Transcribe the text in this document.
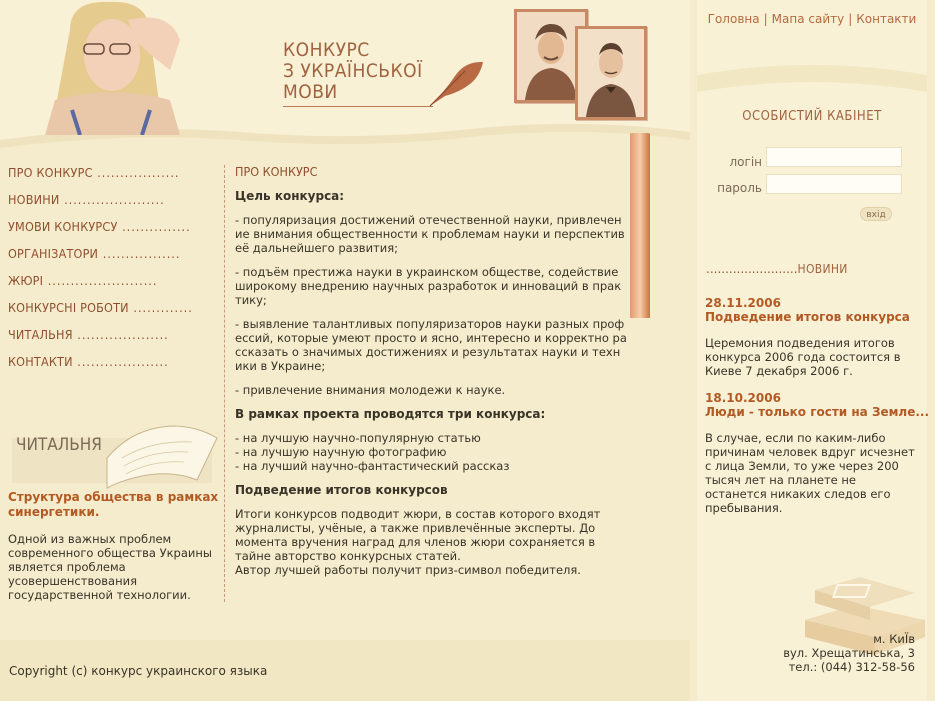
КОНКУРС
З УКРАЇНСЬКОЇ
МОВИ
Головна | Мапа сайту | Контакти
ОСОБИСТИЙ КАБІНЕТ
логін
пароль
вхід
........................НОВИНИ
28.11.2006
Подведение итогов конкурса
Церемония подведения итогов конкурса 2006 года состоится в Киеве 7 декабря 2006 г.
18.10.2006
Люди - только гости на Земле...
В случае, если по каким-либо причинам человек вдруг исчезнет с лица Земли, то уже через 200 тысяч лет на планете не останется никаких следов его пребывания.
м. КиЇв
вул. Хрещатинська, 3
тел.: (044) 312-58-56
ПРО КОНКУРС ..................
НОВИНИ ......................
УМОВИ КОНКУРСУ ...............
ОРГАНІЗАТОРИ .................
ЖЮРІ ........................
КОНКУРСНІ РОБОТИ .............
ЧИТАЛЬНЯ ....................
КОНТАКТИ ....................
ЧИТАЛЬНЯ
Структура общества в рамках синергетики.
Одной из важных проблем современного общества Украины является проблема усовершенствования государственной технологии.
ПРО КОНКУРС
Цель конкурса:

- популяризация достижений отечественной науки, привлечение внимания общественности к проблемам науки и перспектив её дальнейшего развития;

- подъём престижа науки в украинском обществе, содействие широкому внедрению научных разработок и инноваций в практику;

- выявление талантливых популяризаторов науки разных профессий, которые умеют просто и ясно, интересно и корректно рассказать о значимых достижениях и результатах науки и техники в Украине;

- привлечение внимания молодежи к науке.

В рамках проекта проводятся три конкурса:
- на лучшую научно-популярную статью
- на лучшую научную фотографию
- на лучший научно-фантастический рассказ
Подведение итогов конкурсов
Итоги конкурсов подводит жюри, в состав которого входят журналисты, учёные, а также привлечённые эксперты. До момента вручения наград для членов жюри сохраняется в тайне авторство конкурсных статей.
Автор лучшей работы получит приз-символ победителя.
Copyright (c) конкурс украинского языка
